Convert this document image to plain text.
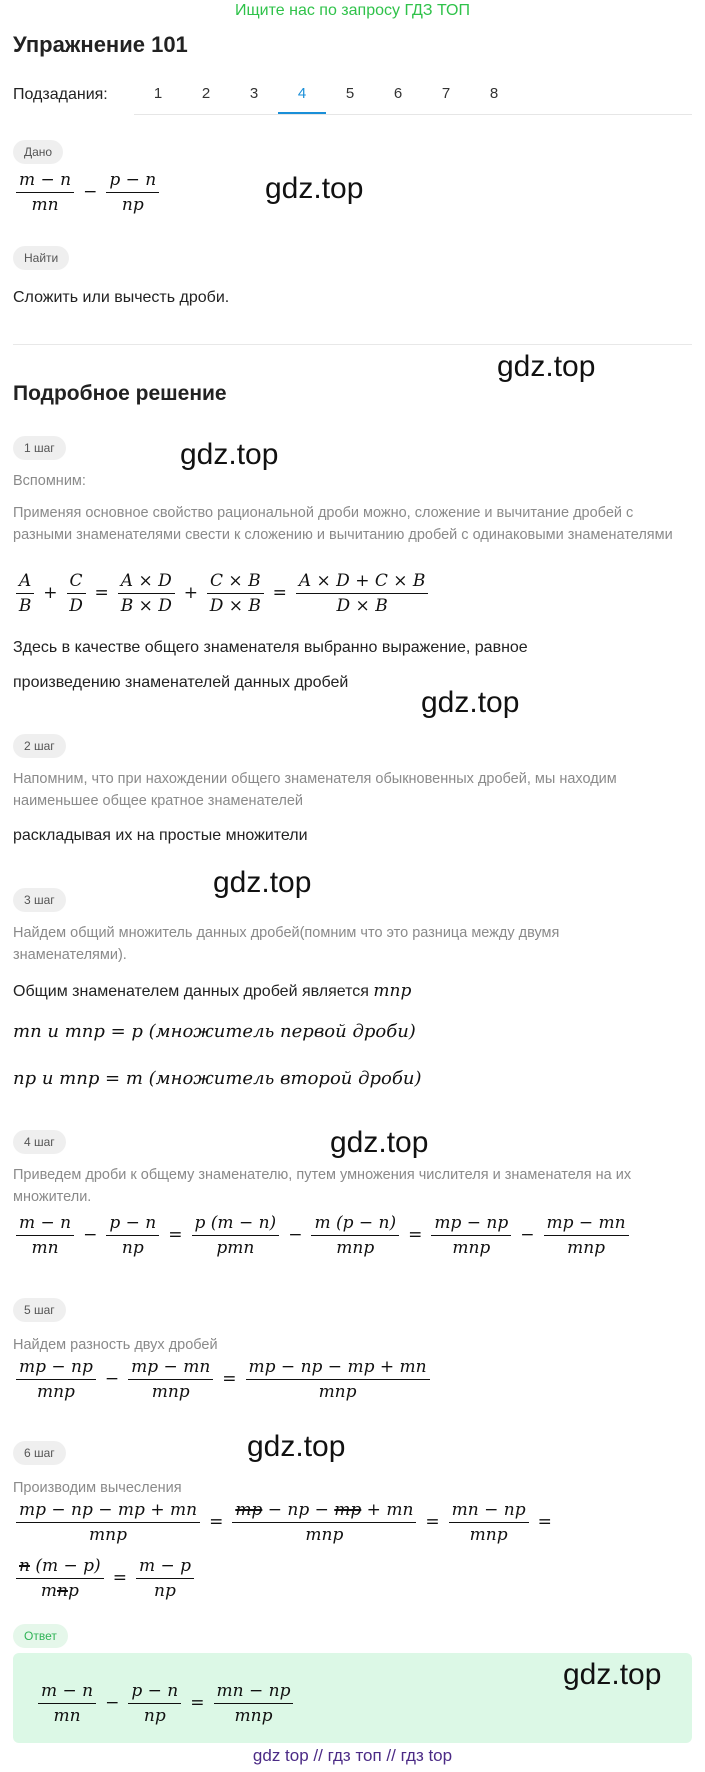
Ищите нас по запросу ГДЗ ТОП
Упражнение 101
Подзадания:	1	2	3	4	5	6	7	8
Дано
$\frac{m - n}{mn} - \frac{p - n}{np}$	gdz.top
Найти
Сложить или вычесть дроби.
gdz.top
Подробное решение
1 шаг	gdz.top
Вспомним:
Применяя основное свойство рациональной дроби можно, сложение и вычитание дробей с разными знаменателями свести к сложению и вычитанию дробей с одинаковыми знаменателями
$\frac{A}{B} + \frac{C}{D} = \frac{A \times D}{B \times D} + \frac{C \times B}{D \times B} = \frac{A \times D + C \times B}{D \times B}$
Здесь в качестве общего знаменателя выбранно выражение, равное
произведению знаменателей данных дробей
gdz.top
2 шаг
Напомним, что при нахождении общего знаменателя обыкновенных дробей, мы находим наименьшее общее кратное знаменателей
раскладывая их на простые множители
gdz.top
3 шаг
Найдем общий множитель данных дробей(помним что это разница между двумя знаменателями).
Общим знаменателем данных дробей является mnp
mn и mnp = p (множитель первой дроби)
np и mnp = m (множитель второй дроби)
4 шаг	gdz.top
Приведем дроби к общему знаменателю, путем умножения числителя и знаменателя на их множители.
$\frac{m - n}{mn} - \frac{p - n}{np} = \frac{p (m - n)}{\text{pmn}} - \frac{m (p - n)}{\text{mnp}} = \frac{mp - np}{\text{mnp}} - \frac{mp - mn}{\text{mnp}}$
5 шаг
Найдем разность двух дробей
$\frac{mp - np}{\text{mnp}} - \frac{mp - mn}{\text{mnp}} = \frac{mp - np - mp + mn}{\text{mnp}}$
6 шаг	gdz.top
Производим вычесления
$\frac{mp - np - mp + mn}{\text{mnp}} = \frac{mp - np - mp + mn}{\text{mnp}} = \frac{mn - np}{\text{mnp}}$ =
$\frac{n (m - p)}{\text{mnp}} = \frac{m - p}{np}$
Ответ
gdz.top
$\frac{m - n}{mn} - \frac{p - n}{np} = \frac{mn - np}{\text{mnp}}$
gdz top // гдз топ // гдз top
